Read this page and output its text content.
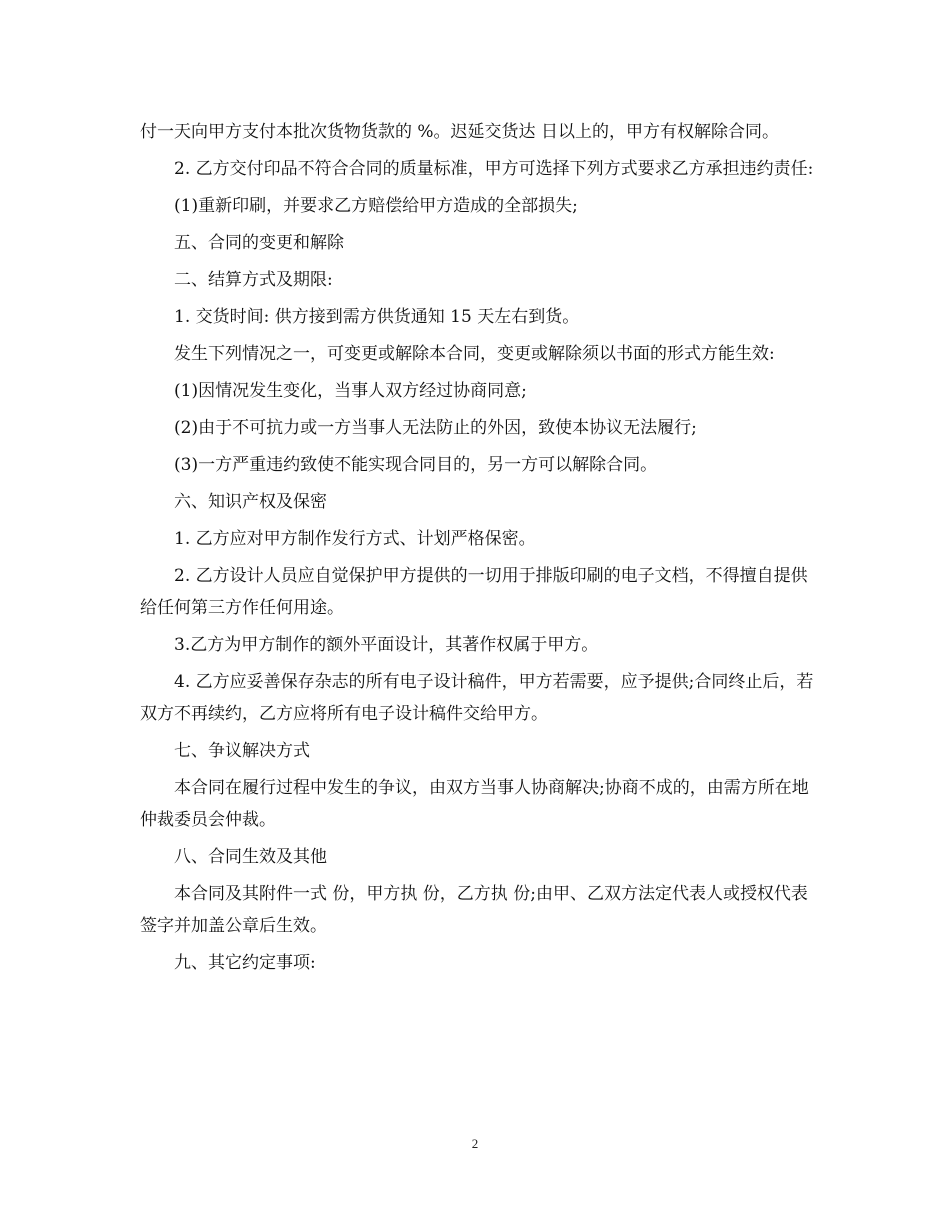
付一天向甲方支付本批次货物货款的 %。迟延交货达 日以上的，甲方有权解除合同。

2. 乙方交付印品不符合合同的质量标准，甲方可选择下列方式要求乙方承担违约责任:

(1)重新印刷，并要求乙方赔偿给甲方造成的全部损失;

五、合同的变更和解除

二、结算方式及期限:

1. 交货时间: 供方接到需方供货通知 15 天左右到货。

发生下列情况之一，可变更或解除本合同，变更或解除须以书面的形式方能生效:

(1)因情况发生变化，当事人双方经过协商同意;

(2)由于不可抗力或一方当事人无法防止的外因，致使本协议无法履行;

(3)一方严重违约致使不能实现合同目的，另一方可以解除合同。

六、知识产权及保密

1. 乙方应对甲方制作发行方式、计划严格保密。

2. 乙方设计人员应自觉保护甲方提供的一切用于排版印刷的电子文档，不得擅自提供给任何第三方作任何用途。

3.乙方为甲方制作的额外平面设计，其著作权属于甲方。

4. 乙方应妥善保存杂志的所有电子设计稿件，甲方若需要，应予提供;合同终止后，若双方不再续约，乙方应将所有电子设计稿件交给甲方。

七、争议解决方式

本合同在履行过程中发生的争议，由双方当事人协商解决;协商不成的，由需方所在地仲裁委员会仲裁。

八、合同生效及其他

本合同及其附件一式 份，甲方执 份，乙方执 份;由甲、乙双方法定代表人或授权代表签字并加盖公章后生效。

九、其它约定事项:

2
